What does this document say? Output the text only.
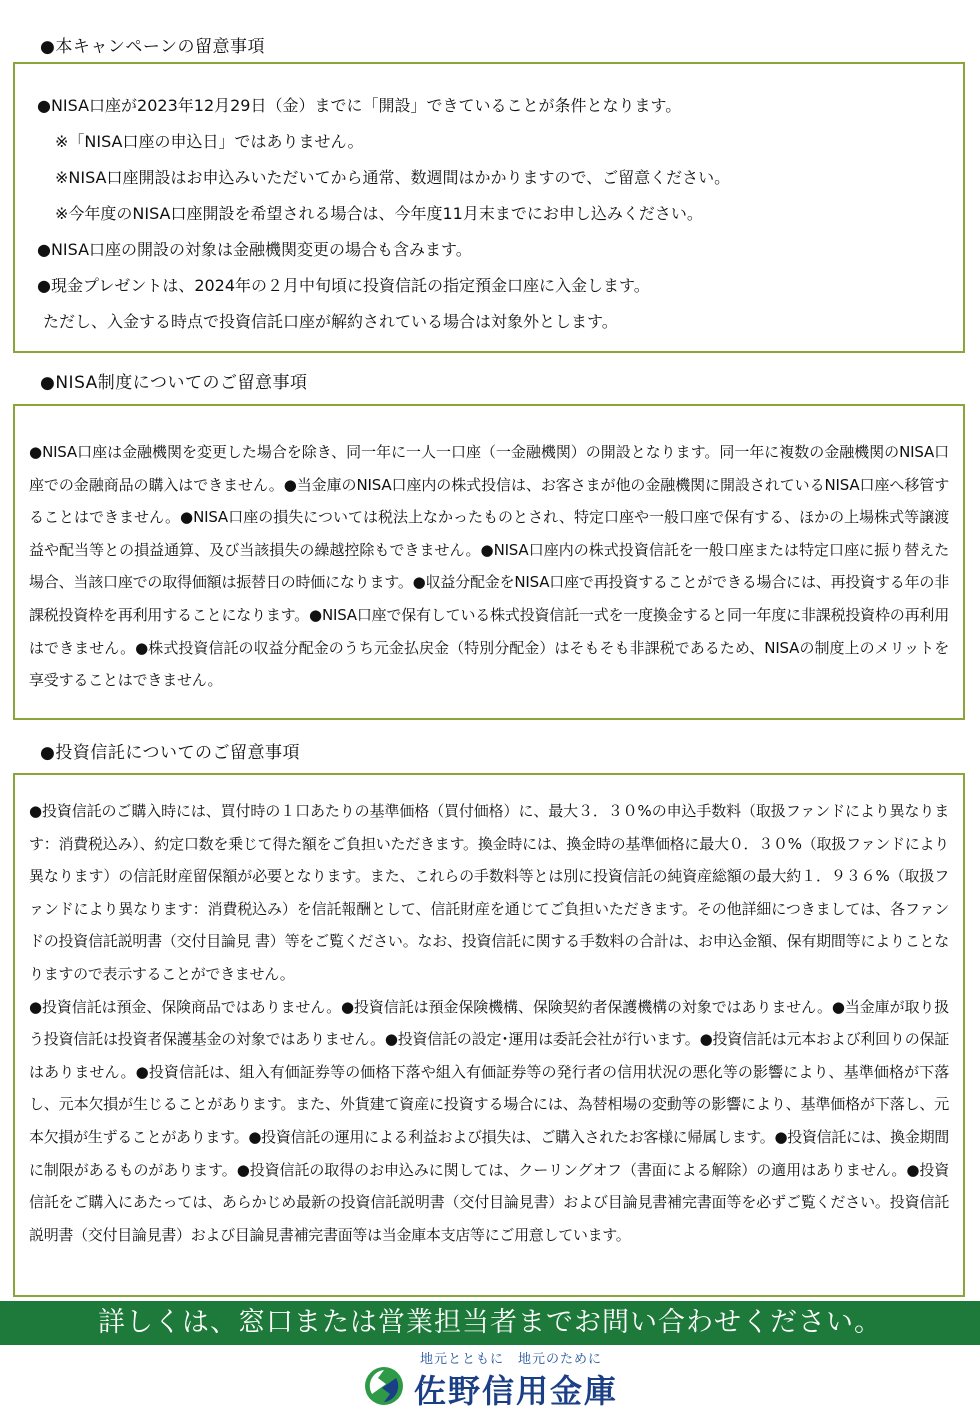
●本キャンペーンの留意事項
●NISA口座が2023年12月29日（金）までに「開設」できていることが条件となります。
※「NISA口座の申込日」ではありません。
※NISA口座開設はお申込みいただいてから通常、数週間はかかりますので、ご留意ください。
※今年度のNISA口座開設を希望される場合は、今年度11月末までにお申し込みください。
●NISA口座の開設の対象は金融機関変更の場合も含みます。
●現金プレゼントは、2024年の２月中旬頃に投資信託の指定預金口座に入金します。
ただし、入金する時点で投資信託口座が解約されている場合は対象外とします。
●NISA制度についてのご留意事項

●NISA口座は金融機関を変更した場合を除き、同一年に一人一口座（一金融機関）の開設となります。同一年に複数の金融機関のNISA口座での金融商品の購入はできません。●当金庫のNISA口座内の株式投信は、お客さまが他の金融機関に開設されているNISA口座へ移管することはできません。●NISA口座の損失については税法上なかったものとされ、特定口座や一般口座で保有する、ほかの上場株式等譲渡益や配当等との損益通算、及び当該損失の繰越控除もできません。●NISA口座内の株式投資信託を一般口座または特定口座に振り替えた場合、当該口座での取得価額は振替日の時価になります。●収益分配金をNISA口座で再投資することができる場合には、再投資する年の非課税投資枠を再利用することになります。●NISA口座で保有している株式投資信託一式を一度換金すると同一年度に非課税投資枠の再利用はできません。●株式投資信託の収益分配金のうち元金払戻金（特別分配金）はそもそも非課税であるため、NISAの制度上のメリットを享受することはできません。

●投資信託についてのご留意事項

●投資信託のご購入時には、買付時の１口あたりの基準価格（買付価格）に、最大３．３０%の申込手数料（取扱ファンドにより異なります：消費税込み）、約定口数を乗じて得た額をご負担いただきます。換金時には、換金時の基準価格に最大０．３０%（取扱ファンドにより異なります）の信託財産留保額が必要となります。また、これらの手数料等とは別に投資信託の純資産総額の最大約１．９３６%（取扱ファンドにより異なります：消費税込み）を信託報酬として、信託財産を通じてご負担いただきます。その他詳細につきましては、各ファンドの投資信託説明書（交付目論見 書）等をご覧ください。なお、投資信託に関する手数料の合計は、お申込金額、保有期間等によりことなりますので表示することができません。

●投資信託は預金、保険商品ではありません。●投資信託は預金保険機構、保険契約者保護機構の対象ではありません。●当金庫が取り扱う投資信託は投資者保護基金の対象ではありません。●投資信託の設定･運用は委託会社が行います。●投資信託は元本および利回りの保証はありません。●投資信託は、組入有価証券等の価格下落や組入有価証券等の発行者の信用状況の悪化等の影響により、基準価格が下落し、元本欠損が生じることがあります。また、外貨建て資産に投資する場合には、為替相場の変動等の影響により、基準価格が下落し、元本欠損が生ずることがあります。●投資信託の運用による利益および損失は、ご購入されたお客様に帰属します。●投資信託には、換金期間に制限があるものがあります。●投資信託の取得のお申込みに関しては、クーリングオフ（書面による解除）の適用はありません。●投資信託をご購入にあたっては、あらかじめ最新の投資信託説明書（交付目論見書）および目論見書補完書面等を必ずご覧ください。投資信託説明書（交付目論見書）および目論見書補完書面等は当金庫本支店等にご用意しています。

詳しくは、窓口または営業担当者までお問い合わせください。
地元とともに　地元のために
佐野信用金庫
